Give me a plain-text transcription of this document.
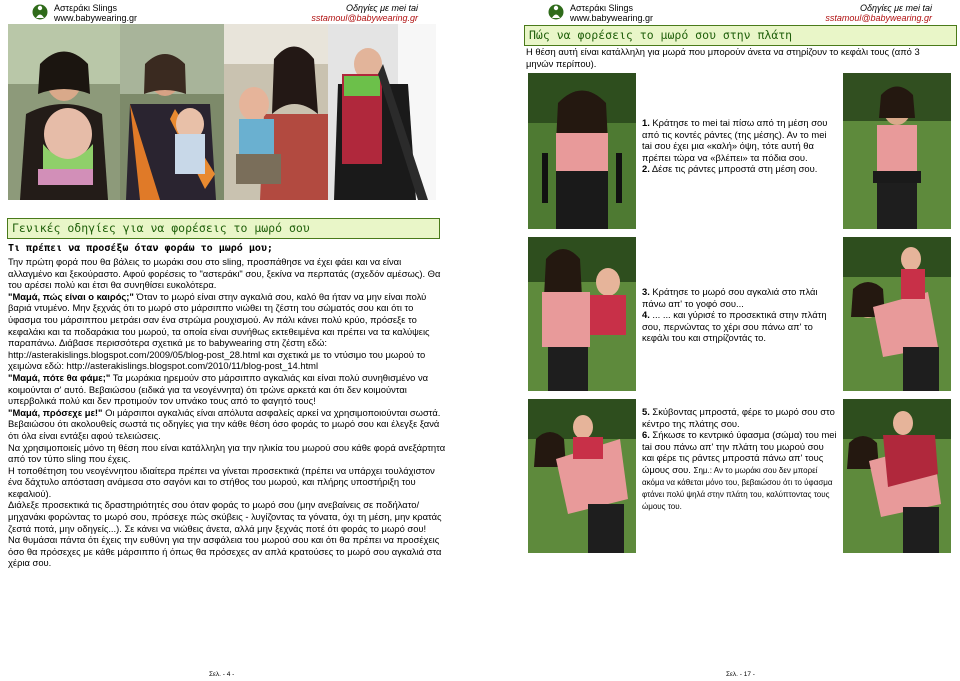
Αστεράκι Slings
www.babywearing.gr
Οδηγίες με mei tai
sstamoul@babywearing.gr
Γενικές οδηγίες για να φορέσεις το μωρό σου
Τι πρέπει να προσέξω όταν φοράω το μωρό μου;

Την πρώτη φορά που θα βάλεις το μωράκι σου στο sling, προσπάθησε να έχει φάει και να είναι αλλαγμένο και ξεκούραστο. Αφού φορέσεις το "αστεράκι" σου, ξεκίνα να περπατάς (σχεδόν αμέσως). Θα του αρέσει πολύ και έτσι θα συνηθίσει ευκολότερα.

"Μαμά, πώς είναι ο καιρός;" Όταν το μωρό είναι στην αγκαλιά σου, καλό θα ήταν να μην είναι πολύ βαριά ντυμένο. Μην ξεχνάς ότι το μωρό στο μάρσιππο νιώθει τη ζέστη του σώματός σου και ότι το ύφασμα του μάρσιππου μετράει σαν ένα στρώμα ρουχισμού. Αν πάλι κάνει πολύ κρύο, πρόσεξε το κεφαλάκι και τα ποδαράκια του μωρού, τα οποία είναι συνήθως εκτεθειμένα και πρέπει να τα καλύψεις παραπάνω. Διάβασε περισσότερα σχετικά με το babywearing στη ζέστη εδώ: http://asterakislings.blogspot.com/2009/05/blog-post_28.html και σχετικά με το ντύσιμο του μωρού το χειμώνα εδώ: http://asterakislings.blogspot.com/2010/11/blog-post_14.html

"Μαμά, πότε θα φάμε;" Τα μωράκια ηρεμούν στο μάρσιππο αγκαλιάς και είναι πολύ συνηθισμένο να κοιμούνται σ' αυτό. Βεβαιώσου (ειδικά για τα νεογέννητα) ότι τρώνε αρκετά και ότι δεν κοιμούνται υπερβολικά πολύ και δεν προτιμούν τον υπνάκο τους από το φαγητό τους!

"Μαμά, πρόσεχε με!" Οι μάρσιποι αγκαλιάς είναι απόλυτα ασφαλείς αρκεί να χρησιμοποιούνται σωστά. Βεβαιώσου ότι ακολουθείς σωστά τις οδηγίες για την κάθε θέση όσο φοράς το μωρό σου και έλεγξε ξανά ότι όλα είναι εντάξει αφού τελειώσεις.

Να χρησιμοποιείς μόνο τη θέση που είναι κατάλληλη για την ηλικία του μωρού σου κάθε φορά ανεξάρτητα από τον τύπο sling που έχεις.

Η τοποθέτηση του νεογέννητου ιδιαίτερα πρέπει να γίνεται προσεκτικά (πρέπει να υπάρχει τουλάχιστον ένα δάχτυλο απόσταση ανάμεσα στο σαγόνι και το στήθος του μωρού, και πλήρης υποστήριξη του κεφαλιού).

Διάλεξε προσεκτικά τις δραστηριότητές σου όταν φοράς το μωρό σου (μην ανεβαίνεις σε ποδήλατο/μηχανάκι φορώντας το μωρό σου, πρόσεχε πώς σκύβεις - λυγίζοντας τα γόνατα, όχι τη μέση, μην κρατάς ζεστά ποτά, μην οδηγείς...). Σε κάνει να νιώθεις άνετα, αλλά μην ξεχνάς ποτέ ότι φοράς το μωρό σου!

Να θυμάσαι πάντα ότι έχεις την ευθύνη για την ασφάλεια του μωρού σου και ότι θα πρέπει να προσέχεις όσο θα πρόσεχες με κάθε μάρσιππο ή όπως θα πρόσεχες αν απλά κρατούσες το μωρό σου αγκαλιά στα χέρια σου.

Σελ. - 4 -
Αστεράκι Slings
www.babywearing.gr
Οδηγίες με mei tai
sstamoul@babywearing.gr
Πώς να φορέσεις το μωρό σου στην πλάτη
Η θέση αυτή είναι κατάλληλη για μωρά που μπορούν άνετα να στηρίζουν το κεφάλι τους (από 3 μηνών περίπου).

1. Κράτησε το mei tai πίσω από τη μέση σου από τις κοντές ράντες (της μέσης). Αν το mei tai σου έχει μια «καλή» όψη, τότε αυτή θα πρέπει τώρα να «βλέπει» τα πόδια σου.

2. Δέσε τις ράντες μπροστά στη μέση σου.

3. Κράτησε το μωρό σου αγκαλιά στο πλάι πάνω απ' το γοφό σου...

4. ... ... και γύρισέ το προσεκτικά στην πλάτη σου, περνώντας το χέρι σου πάνω απ' το κεφάλι του και στηρίζοντάς το.

5. Σκύβοντας μπροστά, φέρε το μωρό σου στο κέντρο της πλάτης σου.

6. Σήκωσε το κεντρικό ύφασμα (σώμα) του mei tai σου πάνω απ' την πλάτη του μωρού σου και φέρε τις ράντες μπροστά πάνω απ' τους ώμους σου. Σημ.: Αν το μωράκι σου δεν μπορεί ακόμα να κάθεται μόνο του, βεβαιώσου ότι το ύφασμα φτάνει πολύ ψηλά στην πλάτη του, καλύπτοντας τους ώμους του.

Σελ. - 17 -
